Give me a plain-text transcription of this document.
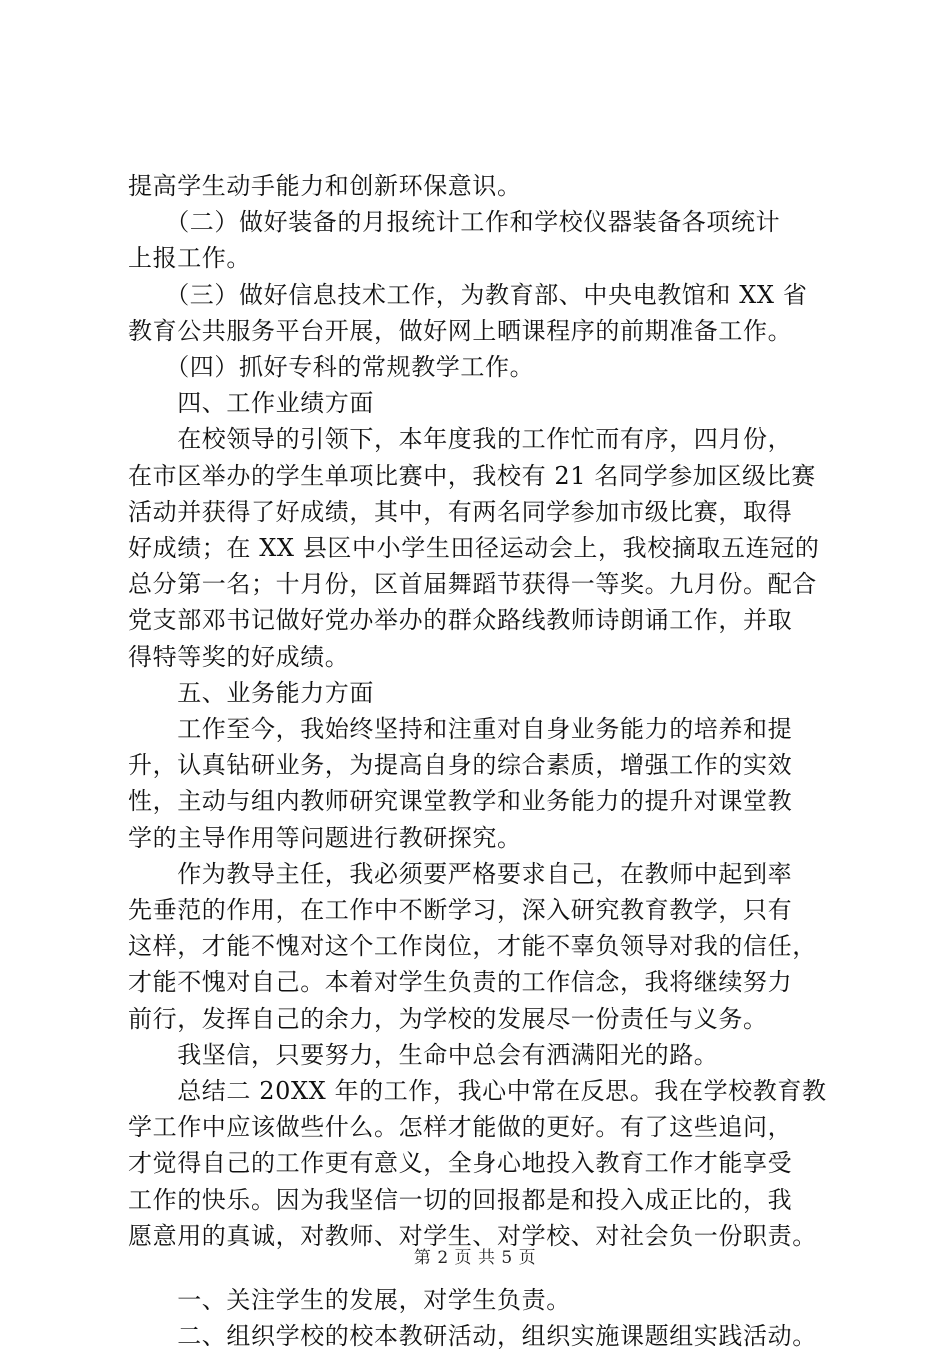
提高学生动手能力和创新环保意识。

　　（二）做好装备的月报统计工作和学校仪器装备各项统计

上报工作。

　　（三）做好信息技术工作，为教育部、中央电教馆和 XX 省

教育公共服务平台开展，做好网上晒课程序的前期准备工作。

　　（四）抓好专科的常规教学工作。

　　四、工作业绩方面

　　在校领导的引领下，本年度我的工作忙而有序，四月份，

在市区举办的学生单项比赛中，我校有 21 名同学参加区级比赛

活动并获得了好成绩，其中，有两名同学参加市级比赛，取得

好成绩；在 XX 县区中小学生田径运动会上，我校摘取五连冠的

总分第一名；十月份，区首届舞蹈节获得一等奖。九月份。配合

党支部邓书记做好党办举办的群众路线教师诗朗诵工作，并取

得特等奖的好成绩。

　　五、业务能力方面

　　工作至今，我始终坚持和注重对自身业务能力的培养和提

升，认真钻研业务，为提高自身的综合素质，增强工作的实效

性，主动与组内教师研究课堂教学和业务能力的提升对课堂教

学的主导作用等问题进行教研探究。

　　作为教导主任，我必须要严格要求自己，在教师中起到率

先垂范的作用，在工作中不断学习，深入研究教育教学，只有

这样，才能不愧对这个工作岗位，才能不辜负领导对我的信任，

才能不愧对自己。本着对学生负责的工作信念，我将继续努力

前行，发挥自己的余力，为学校的发展尽一份责任与义务。

　　我坚信，只要努力，生命中总会有洒满阳光的路。

　　总结二 20XX 年的工作，我心中常在反思。我在学校教育教

学工作中应该做些什么。怎样才能做的更好。有了这些追问，

才觉得自己的工作更有意义，全身心地投入教育工作才能享受

工作的快乐。因为我坚信一切的回报都是和投入成正比的，我

愿意用的真诚，对教师、对学生、对学校、对社会负一份职责。

　　一、关注学生的发展，对学生负责。

　　二、组织学校的校本教研活动，组织实施课题组实践活动。

第 2 页 共 5 页
